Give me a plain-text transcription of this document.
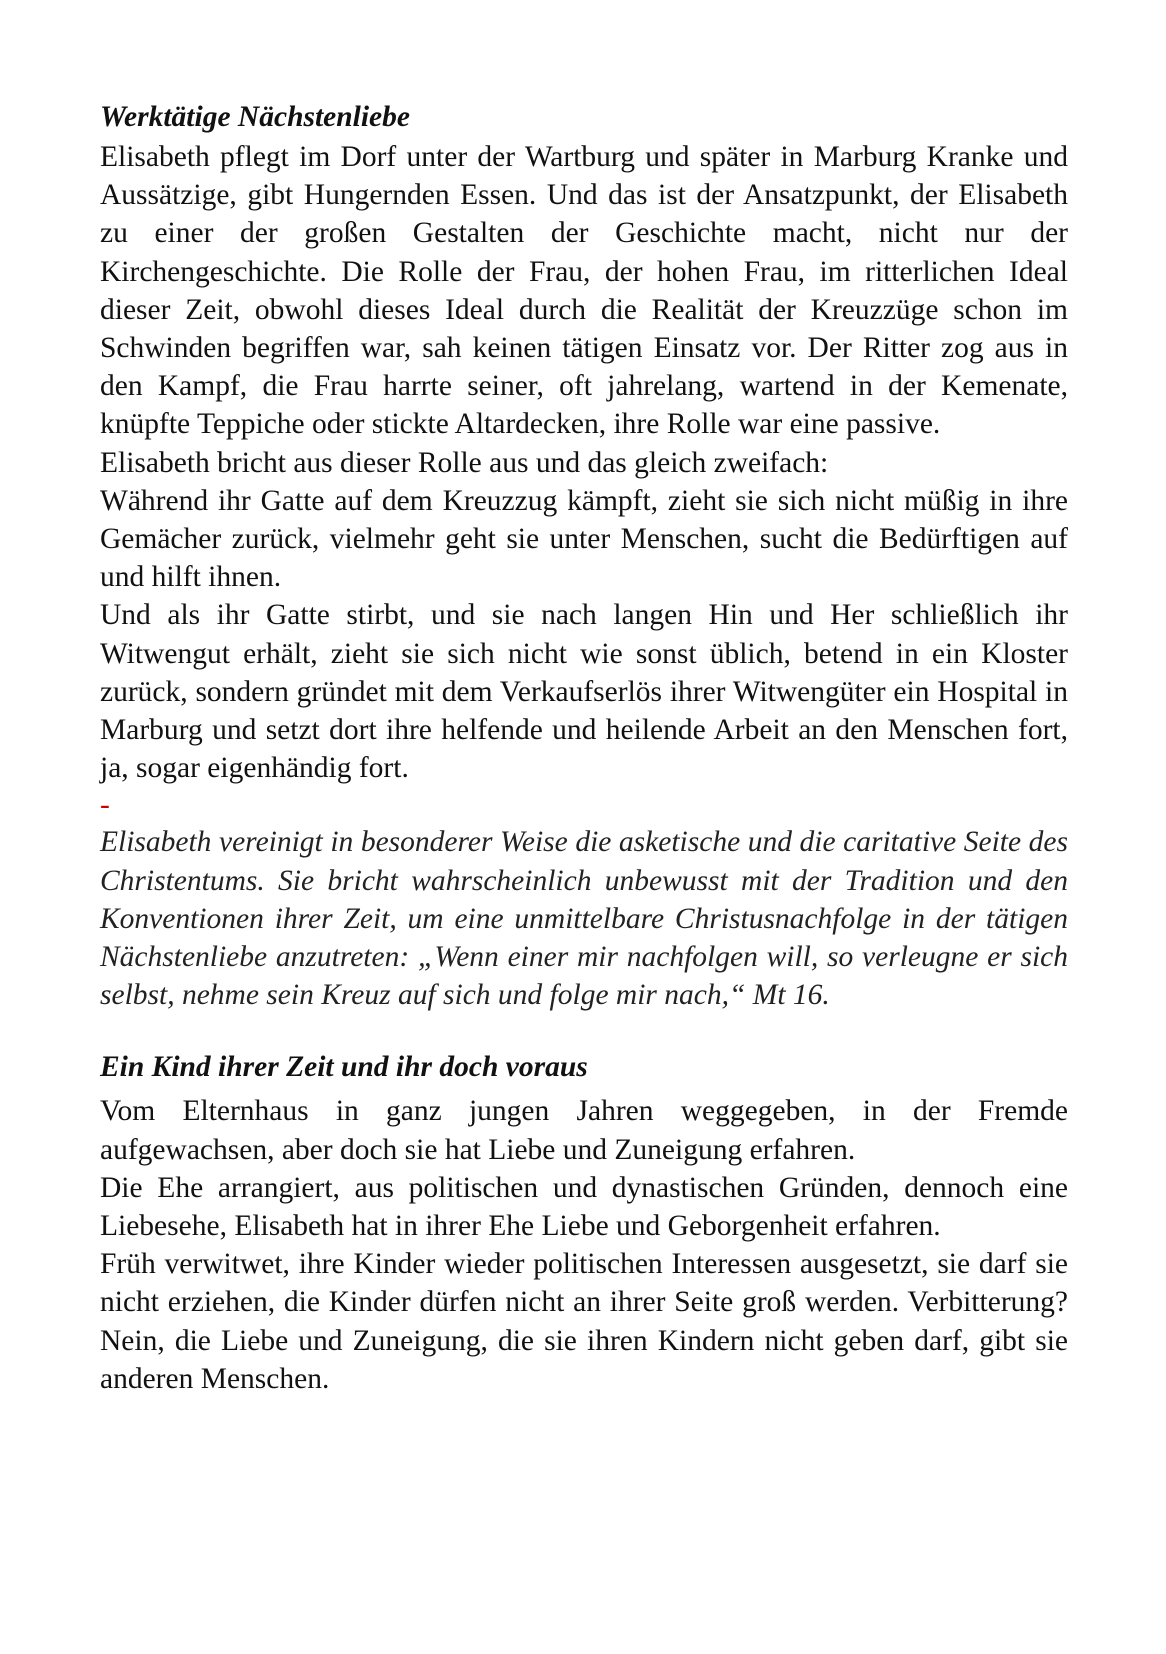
Werktätige Nächstenliebe

Elisabeth pflegt im Dorf unter der Wartburg und später in Marburg Kranke und Aussätzige, gibt Hungernden Essen. Und das ist der Ansatzpunkt, der Elisabeth zu einer der großen Gestalten der Geschichte macht, nicht nur der Kirchengeschichte. Die Rolle der Frau, der hohen Frau, im ritterlichen Ideal dieser Zeit, obwohl dieses Ideal durch die Realität der Kreuzzüge schon im Schwinden begriffen war, sah keinen tätigen Einsatz vor. Der Ritter zog aus in den Kampf, die Frau harrte seiner, oft jahrelang, wartend in der Kemenate, knüpfte Teppiche oder stickte Altardecken, ihre Rolle war eine passive.

Elisabeth bricht aus dieser Rolle aus und das gleich zweifach:

Während ihr Gatte auf dem Kreuzzug kämpft, zieht sie sich nicht müßig in ihre Gemächer zurück, vielmehr geht sie unter Menschen, sucht die Bedürftigen auf und hilft ihnen.

Und als ihr Gatte stirbt, und sie nach langen Hin und Her schließlich ihr Witwengut erhält, zieht sie sich nicht wie sonst üblich, betend in ein Kloster zurück, sondern gründet mit dem Verkaufserlös ihrer Witwengüter ein Hospital in Marburg und setzt dort ihre helfende und heilende Arbeit an den Menschen fort, ja, sogar eigenhändig fort.

-

Elisabeth vereinigt in besonderer Weise die asketische und die caritative Seite des Christentums. Sie bricht wahrscheinlich unbewusst mit der Tradition und den Konventionen ihrer Zeit, um eine unmittelbare Christusnachfolge in der tätigen Nächstenliebe anzutreten: „Wenn einer mir nachfolgen will, so verleugne er sich selbst, nehme sein Kreuz auf sich und folge mir nach,“ Mt 16.

Ein Kind ihrer Zeit und ihr doch voraus

Vom Elternhaus in ganz jungen Jahren weggegeben, in der Fremde aufgewachsen, aber doch sie hat Liebe und Zuneigung erfahren.

Die Ehe arrangiert, aus politischen und dynastischen Gründen, dennoch eine Liebesehe, Elisabeth hat in ihrer Ehe Liebe und Geborgenheit erfahren.

Früh verwitwet, ihre Kinder wieder politischen Interessen ausgesetzt, sie darf sie nicht erziehen, die Kinder dürfen nicht an ihrer Seite groß werden. Verbitterung? Nein, die Liebe und Zuneigung, die sie ihren Kindern nicht geben darf, gibt sie anderen Menschen.
